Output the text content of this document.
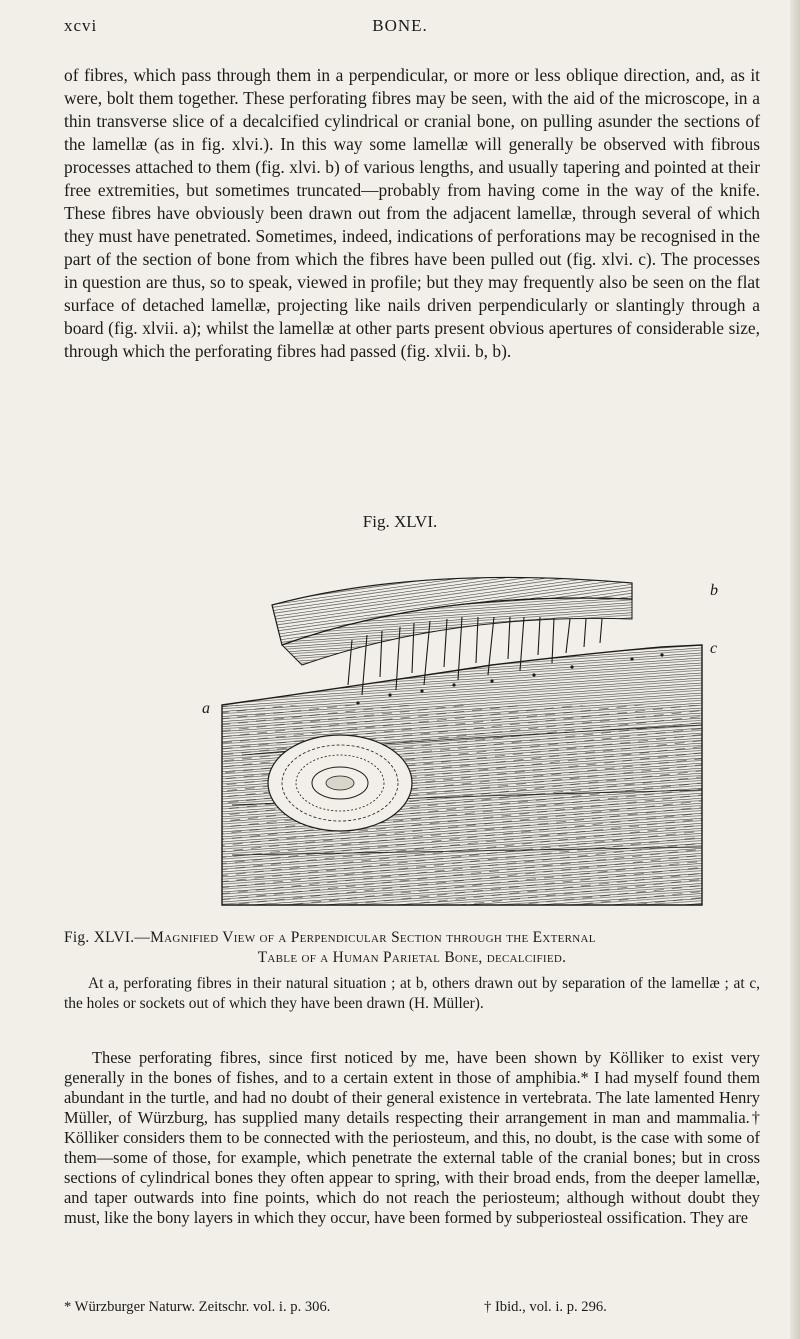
xcvi	BONE.

of fibres, which pass through them in a perpendicular, or more or less oblique direction, and, as it were, bolt them together. These perforating fibres may be seen, with the aid of the microscope, in a thin transverse slice of a decalcified cylindrical or cranial bone, on pulling asunder the sections of the lamellæ (as in fig. xlvi.). In this way some lamellæ will generally be observed with fibrous processes attached to them (fig. xlvi. b) of various lengths, and usually tapering and pointed at their free extremities, but sometimes truncated—probably from having come in the way of the knife. These fibres have obviously been drawn out from the adjacent lamellæ, through several of which they must have penetrated. Sometimes, indeed, indications of perforations may be recognised in the part of the section of bone from which the fibres have been pulled out (fig. xlvi. c). The processes in question are thus, so to speak, viewed in profile; but they may frequently also be seen on the flat surface of detached lamellæ, projecting like nails driven perpendicularly or slantingly through a board (fig. xlvii. a); whilst the lamellæ at other parts present obvious apertures of considerable size, through which the perforating fibres had passed (fig. xlvii. b, b).

Fig. XLVI.
b
c
a
Fig. XLVI.—Magnified View of a Perpendicular Section through the External
Table of a Human Parietal Bone, decalcified.

At a, perforating fibres in their natural situation ; at b, others drawn out by separation of the lamellæ ; at c, the holes or sockets out of which they have been drawn (H. Müller).

These perforating fibres, since first noticed by me, have been shown by Kölliker to exist very generally in the bones of fishes, and to a certain extent in those of amphibia.* I had myself found them abundant in the turtle, and had no doubt of their general existence in vertebrata. The late lamented Henry Müller, of Würzburg, has supplied many details respecting their arrangement in man and mammalia.† Kölliker considers them to be connected with the periosteum, and this, no doubt, is the case with some of them—some of those, for example, which penetrate the external table of the cranial bones; but in cross sections of cylindrical bones they often appear to spring, with their broad ends, from the deeper lamellæ, and taper outwards into fine points, which do not reach the periosteum; although without doubt they must, like the bony layers in which they occur, have been formed by subperiosteal ossification. They are

* Würzburger Naturw. Zeitschr. vol. i. p. 306.	† Ibid., vol. i. p. 296.
